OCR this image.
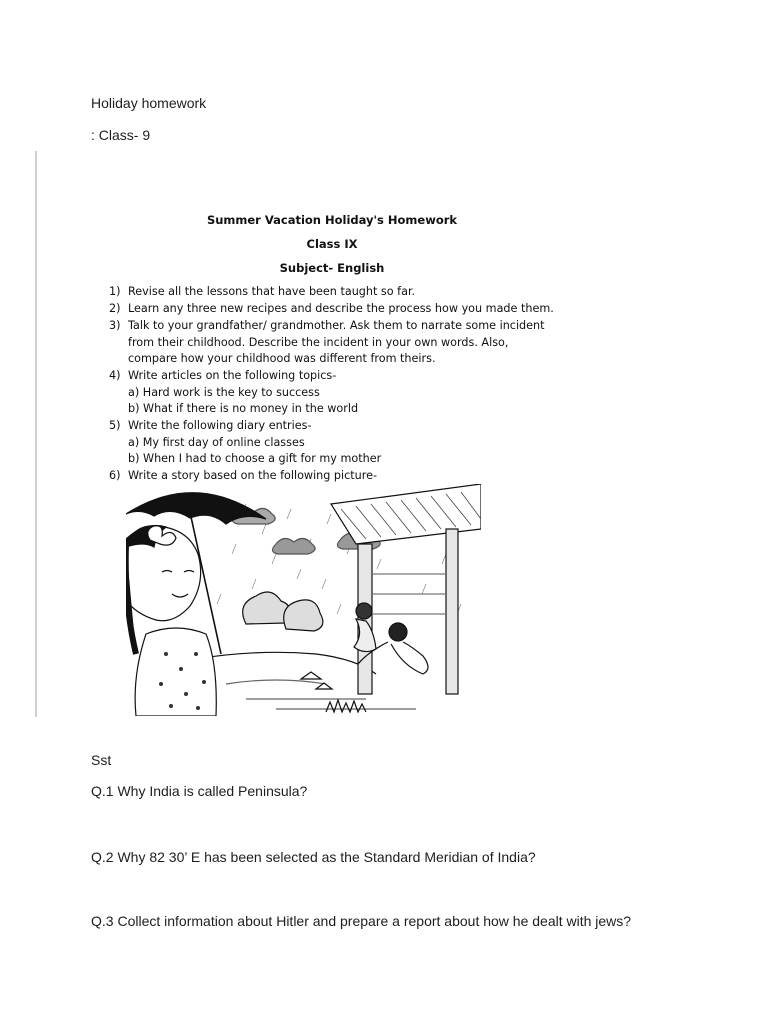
Holiday homework
: Class- 9
Summer Vacation Holiday's Homework
Class IX
Subject- English
1) Revise all the lessons that have been taught so far.
2) Learn any three new recipes and describe the process how you made them.
3) Talk to your grandfather/ grandmother. Ask them to narrate some incident
from their childhood. Describe the incident in your own words. Also,
compare how your childhood was different from theirs.
4) Write articles on the following topics-
a) Hard work is the key to success
b) What if there is no money in the world
5) Write the following diary entries-
a) My first day of online classes
b) When I had to choose a gift for my mother
6) Write a story based on the following picture-
Sst
Q.1 Why India is called Peninsula?
Q.2 Why 82 30’ E has been selected as the Standard Meridian of India?
Q.3 Collect information about Hitler and prepare a report about how he dealt with jews?
